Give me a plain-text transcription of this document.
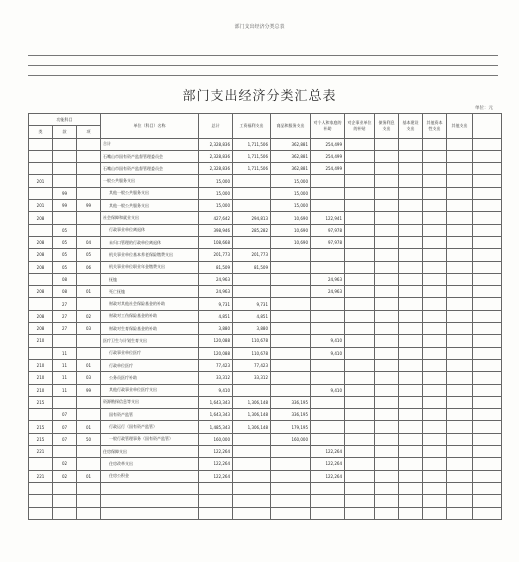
部门支出经济分类总表
部门支出经济分类汇总表
单位：元
功能科目			单位（科目）名称	总计	工资福利支出	商品和服务支出	对个人和家庭的补助	对企事业单位的补贴	债务利息支出	基本建设支出	其他资本性支出	其他支出	
类	款	项											
			合计	2,328,836	1,711,506	362,881	254,499						
			石嘴山市国有资产监督管理委员会	2,328,836	1,711,506	362,881	254,499						
			石嘴山市国有资产监督管理委员会	2,328,836	1,711,506	362,881	254,499						
201			一般公共服务支出	15,000		15,000							
	99		其他一般公共服务支出	15,000		15,000							
201	99	99	其他一般公共服务支出	15,000		15,000							
208			社会保障和就业支出	427,642	294,813	10,690	122,941						
	05		行政事业单位离退休	398,946	285,282	10,690	97,978						
208	05	04	未归口管理的行政单位离退休	108,668		10,690	97,978						
208	05	05	机关事业单位基本养老保险缴费支出	201,773	201,773								
208	05	06	机关事业单位职业年金缴费支出	81,509	81,509								
	08		抚恤	24,963			24,963						
208	08	01	死亡抚恤	24,963			24,963						
	27		财政对其他社会保险基金的补助	9,731	9,731								
208	27	02	财政对工伤保险基金的补助	4,851	4,851								
208	27	03	财政对生育保险基金的补助	3,880	3,880								
210			医疗卫生与计划生育支出	120,088	110,678		9,410						
	11		行政事业单位医疗	120,088	110,678		9,410						
210	11	01	行政单位医疗	77,423	77,423								
210	11	03	公务员医疗补助	33,312	33,312								
210	11	99	其他行政事业单位医疗支出	9,410			9,410						
215			资源勘探信息等支出	1,643,343	1,306,148	336,195							
	07		国有资产监管	1,643,343	1,306,148	336,195							
215	07	01	行政运行（国有资产监管）	1,485,343	1,306,148	179,195							
215	07	50	一般行政管理事务（国有资产监管）	160,000		160,000							
221			住房保障支出	122,264			122,264						
	02		住房改革支出	122,264			122,264						
221	02	01	住房公积金	122,264			122,264						
